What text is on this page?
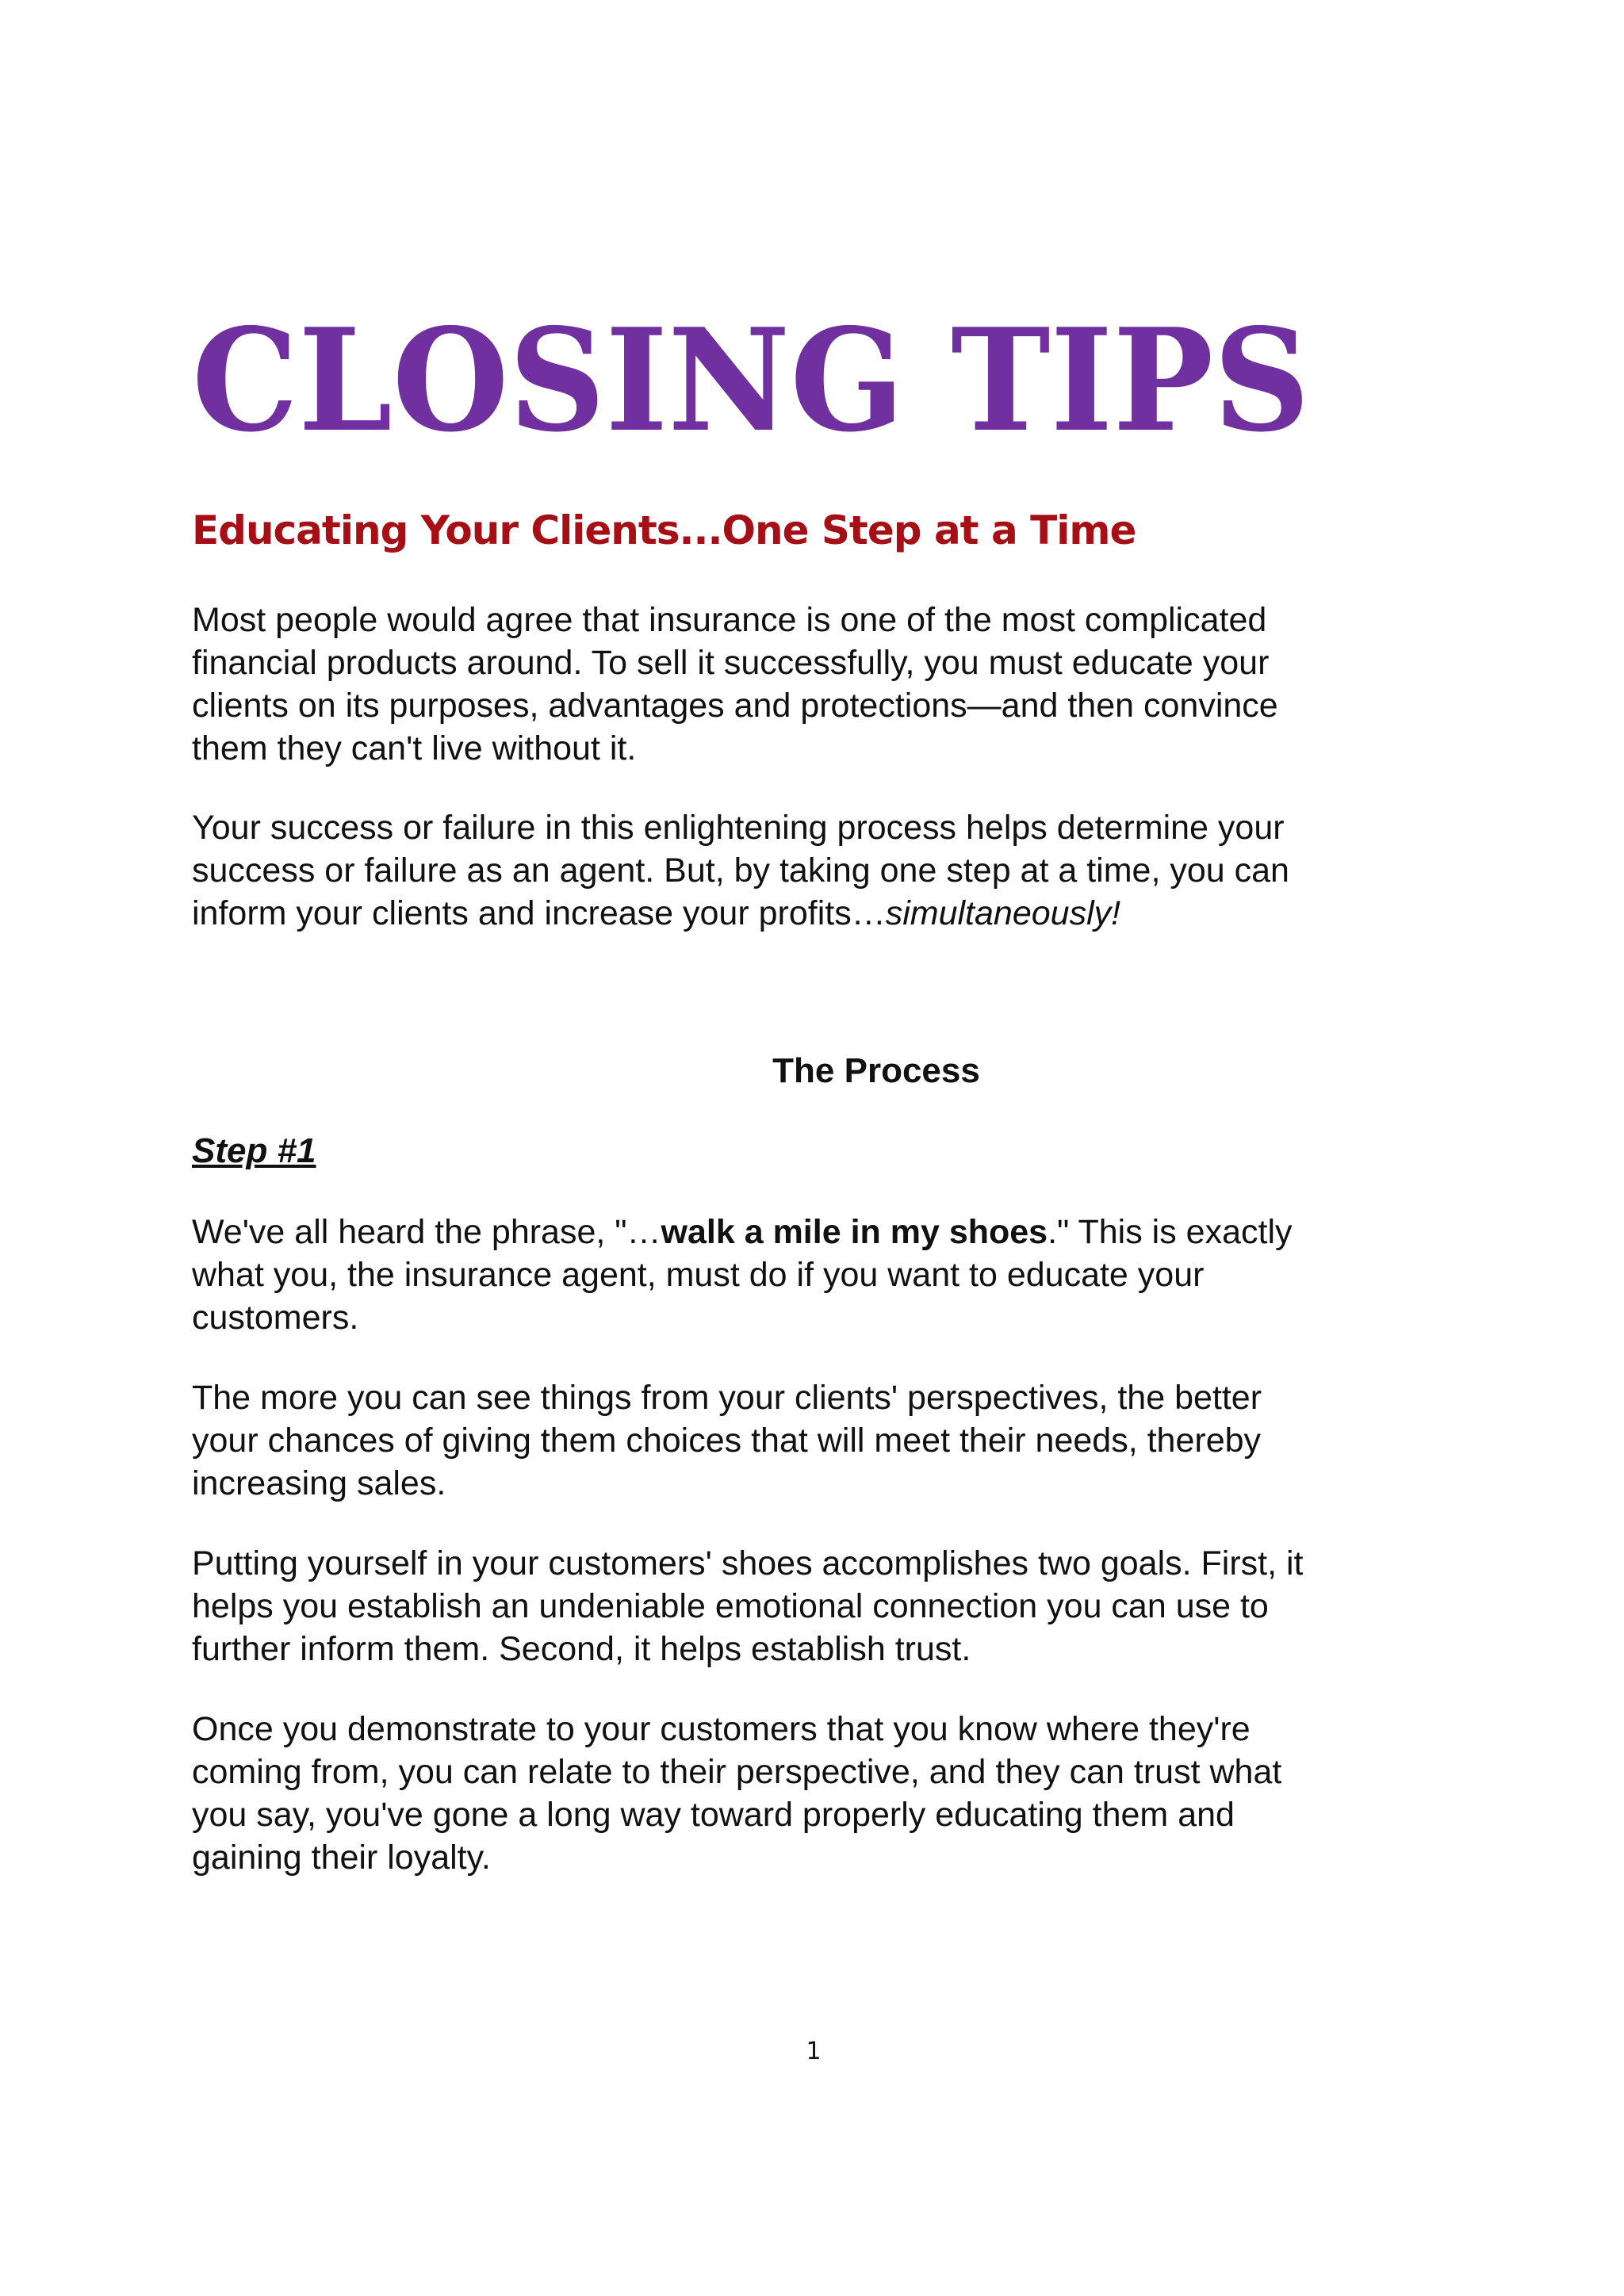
CLOSING TIPS
Educating Your Clients...One Step at a Time
Most people would agree that insurance is one of the most complicated
financial products around. To sell it successfully, you must educate your
clients on its purposes, advantages and protections—and then convince
them they can't live without it.
Your success or failure in this enlightening process helps determine your
success or failure as an agent. But, by taking one step at a time, you can
inform your clients and increase your profits…simultaneously!
The Process
Step #1
We've all heard the phrase, "…walk a mile in my shoes." This is exactly
what you, the insurance agent, must do if you want to educate your
customers.
The more you can see things from your clients' perspectives, the better
your chances of giving them choices that will meet their needs, thereby
increasing sales.
Putting yourself in your customers' shoes accomplishes two goals. First, it
helps you establish an undeniable emotional connection you can use to
further inform them. Second, it helps establish trust.
Once you demonstrate to your customers that you know where they're
coming from, you can relate to their perspective, and they can trust what
you say, you've gone a long way toward properly educating them and
gaining their loyalty.
1
